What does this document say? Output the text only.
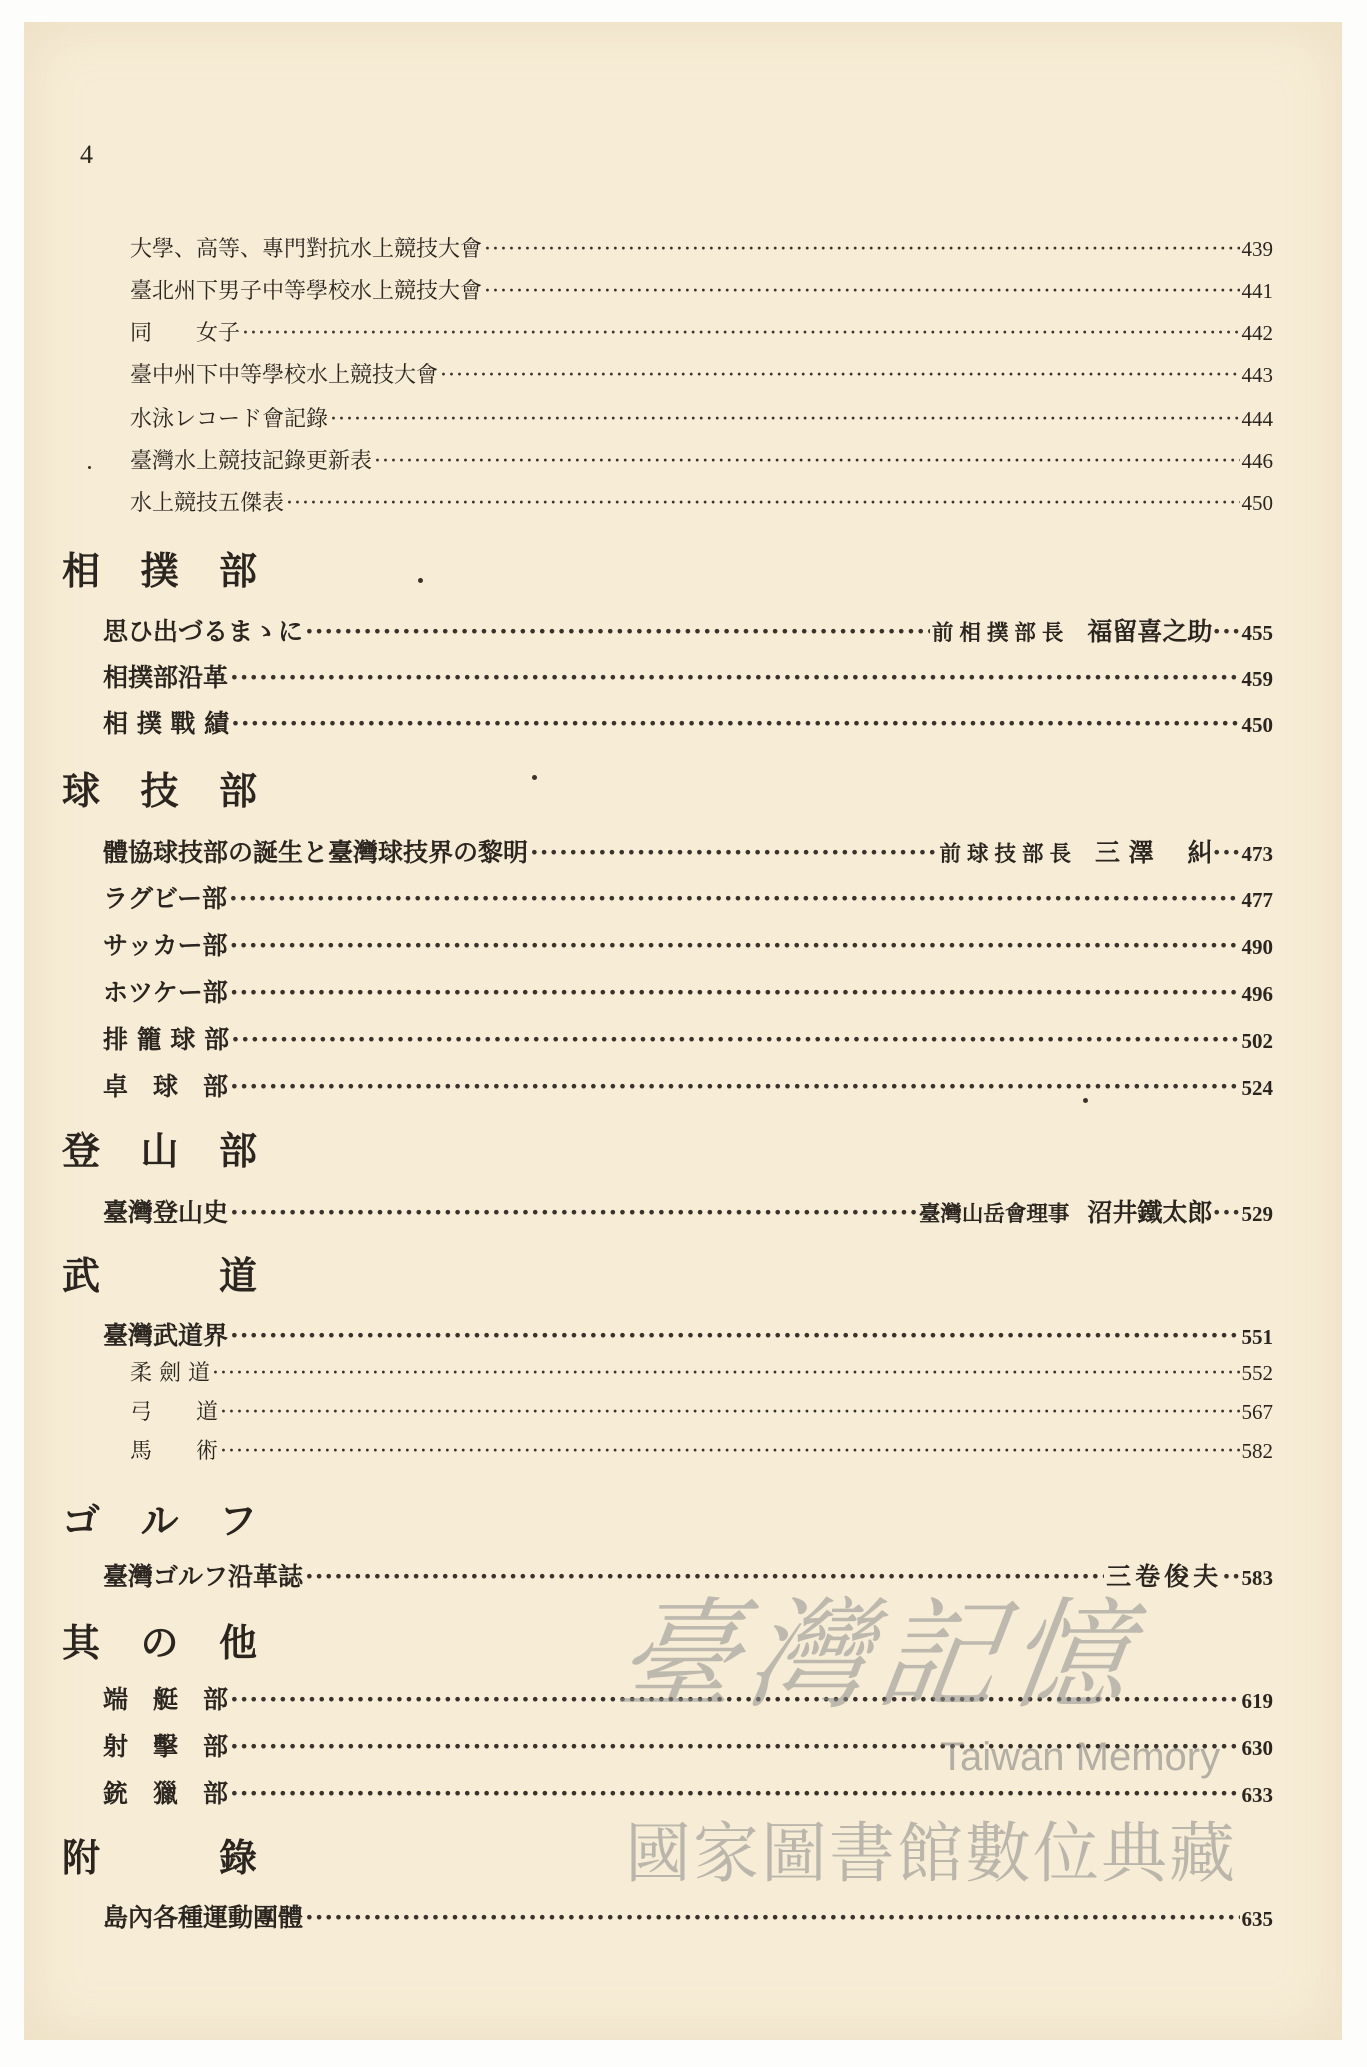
4
大學、高等、專門對抗水上競技大會 ·····	439
臺北州下男子中等學校水上競技大會 ·····	441
同　　女子 ·····	442
臺中州下中等學校水上競技大會 ·····	443
水泳レコード會記錄 ·····	444
臺灣水上競技記錄更新表 ·····	446
水上競技五傑表 ·····	450
相 撲 部
思ひ出づるまゝに ·····	前相撲部長 福留喜之助 ··· 455
相撲部沿革 ·····	459
相 撲 戰 績 ·····	450
球 技 部
體協球技部の誕生と臺灣球技界の黎明 ·····	前球技部長 三 澤　 糾 ··· 473
ラグビー部 ·····	477
サッカー部 ·····	490
ホツケー部 ·····	496
排 籠 球 部 ·····	502
卓　球　部 ·····	524
登 山 部
臺灣登山史 ·····	臺灣山岳會理事 沼井鐵太郎 ··· 529
武	道
臺灣武道界 ·····	551
柔 劍 道 ·····	552
弓　　道 ·····	567
馬　　術 ·····	582
ゴ ル フ
臺灣ゴルフ沿革誌 ·····	三卷俊夫 ·· 583
其 の 他
端　艇　部 ·····	619
射　擊　部 ·····	630
銃　獵　部 ·····	633
附	錄
島內各種運動團體 ·····	635
臺灣記憶
Taiwan Memory
國家圖書館數位典藏
